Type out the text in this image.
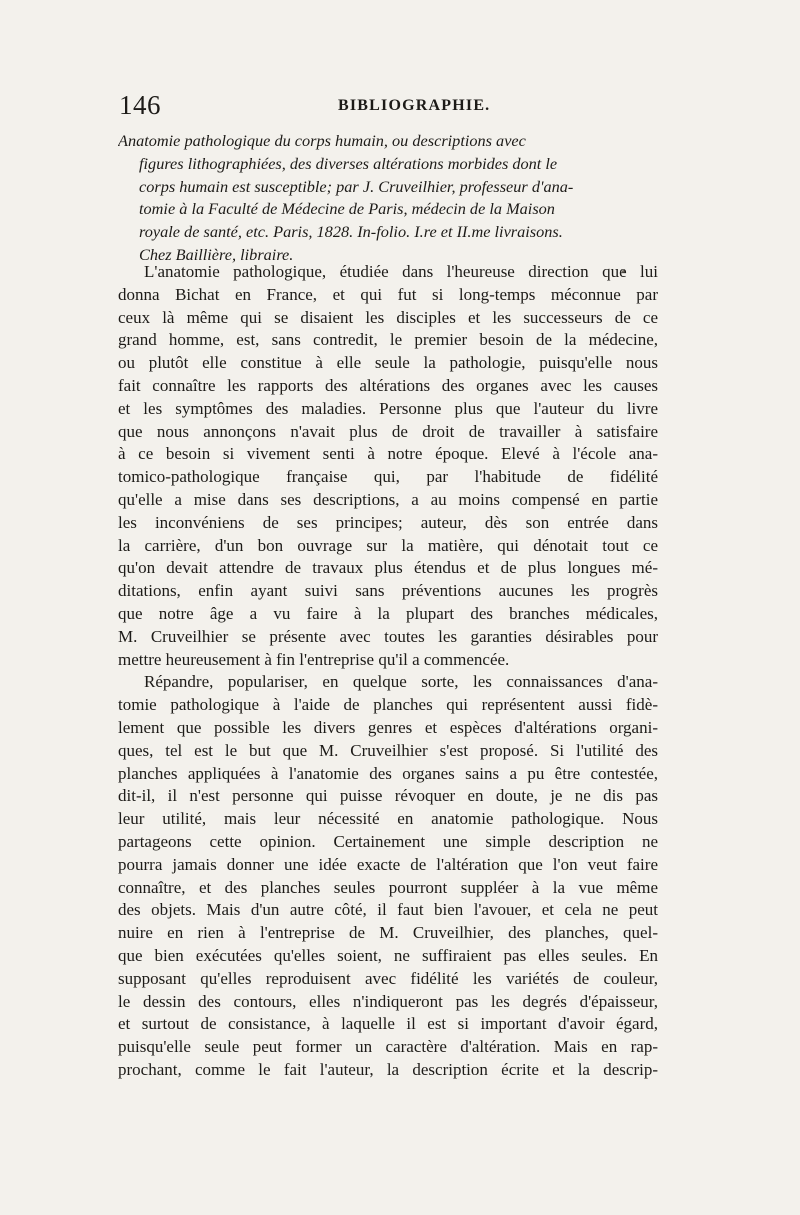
146	BIBLIOGRAPHIE.
Anatomie pathologique du corps humain, ou descriptions avec
figures lithographiées, des diverses altérations morbides dont le
corps humain est susceptible; par J. Cruveilhier, professeur d'ana-
tomie à la Faculté de Médecine de Paris, médecin de la Maison
royale de santé, etc. Paris, 1828. In-folio. I.re et II.me livraisons.
Chez Baillière, libraire.
L'anatomie pathologique, étudiée dans l'heureuse direction que lui
donna Bichat en France, et qui fut si long-temps méconnue par
ceux là même qui se disaient les disciples et les successeurs de ce
grand homme, est, sans contredit, le premier besoin de la médecine,
ou plutôt elle constitue à elle seule la pathologie, puisqu'elle nous
fait connaître les rapports des altérations des organes avec les causes
et les symptômes des maladies. Personne plus que l'auteur du livre
que nous annonçons n'avait plus de droit de travailler à satisfaire
à ce besoin si vivement senti à notre époque. Elevé à l'école ana-
tomico-pathologique française qui, par l'habitude de fidélité
qu'elle a mise dans ses descriptions, a au moins compensé en partie
les inconvéniens de ses principes; auteur, dès son entrée dans
la carrière, d'un bon ouvrage sur la matière, qui dénotait tout ce
qu'on devait attendre de travaux plus étendus et de plus longues mé-
ditations, enfin ayant suivi sans préventions aucunes les progrès
que notre âge a vu faire à la plupart des branches médicales,
M. Cruveilhier se présente avec toutes les garanties désirables pour
mettre heureusement à fin l'entreprise qu'il a commencée.
Répandre, populariser, en quelque sorte, les connaissances d'ana-
tomie pathologique à l'aide de planches qui représentent aussi fidè-
lement que possible les divers genres et espèces d'altérations organi-
ques, tel est le but que M. Cruveilhier s'est proposé. Si l'utilité des
planches appliquées à l'anatomie des organes sains a pu être contestée,
dit-il, il n'est personne qui puisse révoquer en doute, je ne dis pas
leur utilité, mais leur nécessité en anatomie pathologique. Nous
partageons cette opinion. Certainement une simple description ne
pourra jamais donner une idée exacte de l'altération que l'on veut faire
connaître, et des planches seules pourront suppléer à la vue même
des objets. Mais d'un autre côté, il faut bien l'avouer, et cela ne peut
nuire en rien à l'entreprise de M. Cruveilhier, des planches, quel-
que bien exécutées qu'elles soient, ne suffiraient pas elles seules. En
supposant qu'elles reproduisent avec fidélité les variétés de couleur,
le dessin des contours, elles n'indiqueront pas les degrés d'épaisseur,
et surtout de consistance, à laquelle il est si important d'avoir égard,
puisqu'elle seule peut former un caractère d'altération. Mais en rap-
prochant, comme le fait l'auteur, la description écrite et la descrip-
